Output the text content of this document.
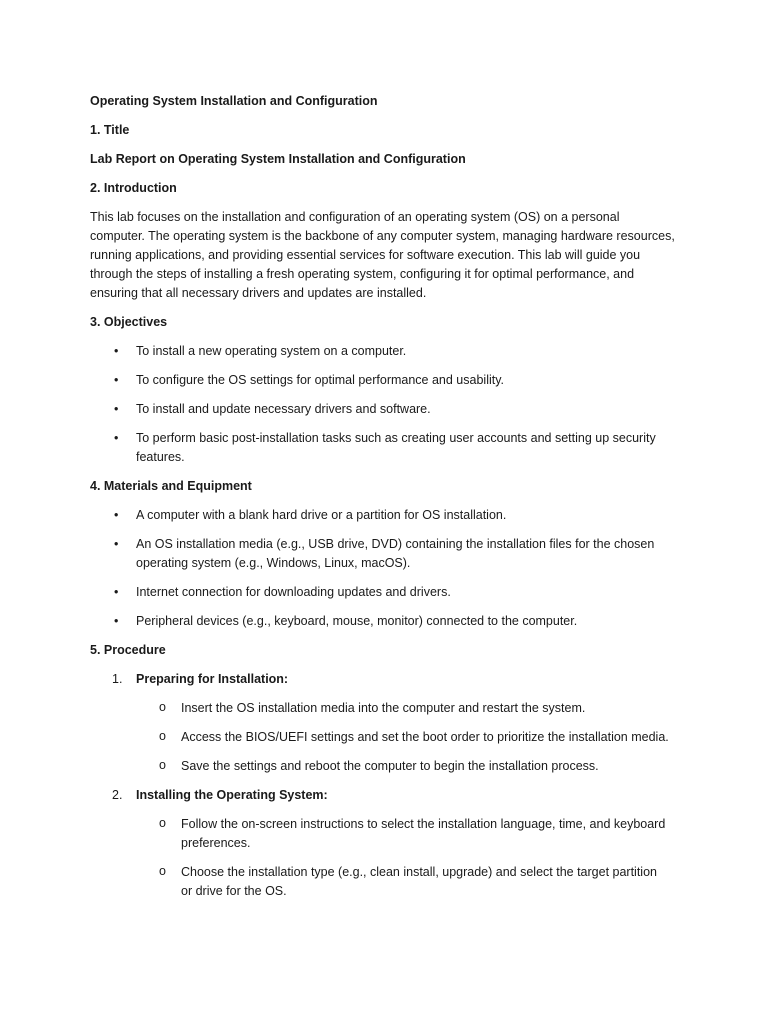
Operating System Installation and Configuration
1. Title
Lab Report on Operating System Installation and Configuration
2. Introduction
This lab focuses on the installation and configuration of an operating system (OS) on a personal
computer. The operating system is the backbone of any computer system, managing hardware resources,
running applications, and providing essential services for software execution. This lab will guide you
through the steps of installing a fresh operating system, configuring it for optimal performance, and
ensuring that all necessary drivers and updates are installed.
3. Objectives
• To install a new operating system on a computer.
• To configure the OS settings for optimal performance and usability.
• To install and update necessary drivers and software.
• To perform basic post-installation tasks such as creating user accounts and setting up security
features.
4. Materials and Equipment
• A computer with a blank hard drive or a partition for OS installation.
• An OS installation media (e.g., USB drive, DVD) containing the installation files for the chosen
operating system (e.g., Windows, Linux, macOS).
• Internet connection for downloading updates and drivers.
• Peripheral devices (e.g., keyboard, mouse, monitor) connected to the computer.
5. Procedure
1. Preparing for Installation:
o Insert the OS installation media into the computer and restart the system.
o Access the BIOS/UEFI settings and set the boot order to prioritize the installation media.
o Save the settings and reboot the computer to begin the installation process.
2. Installing the Operating System:
o Follow the on-screen instructions to select the installation language, time, and keyboard
preferences.
o Choose the installation type (e.g., clean install, upgrade) and select the target partition
or drive for the OS.
